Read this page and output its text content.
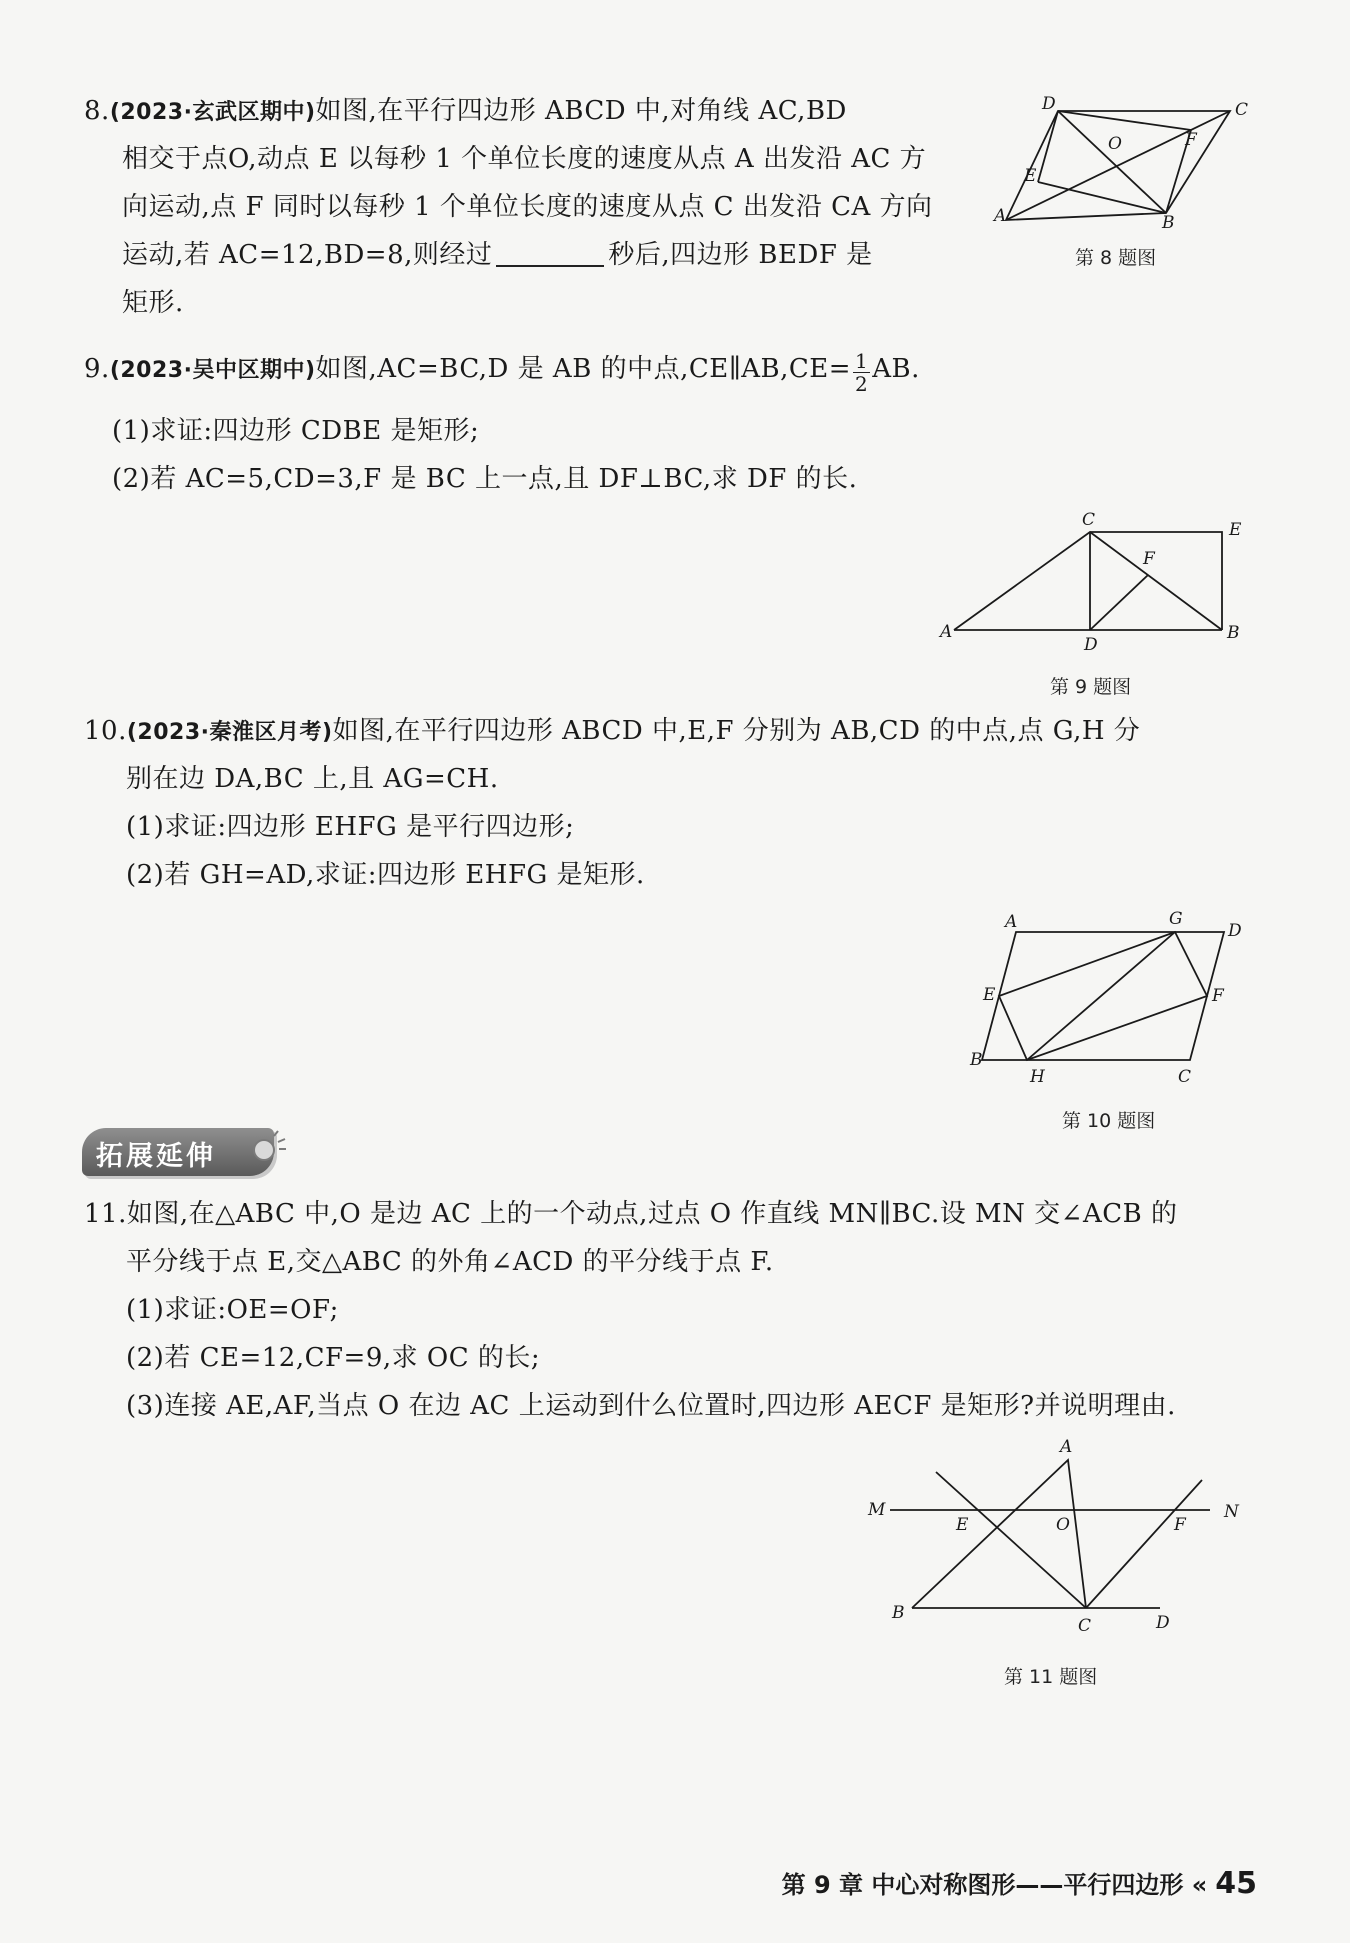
8.(2023·玄武区期中)如图,在平行四边形 ABCD 中,对角线 AC,BD
相交于点O,动点 E 以每秒 1 个单位长度的速度从点 A 出发沿 AC 方
向运动,点 F 同时以每秒 1 个单位长度的速度从点 C 出发沿 CA 方向
运动,若 AC=12,BD=8,则经过	秒后,四边形 BEDF 是
矩形.
A	B
C
D
E
F
O
第 8 题图
9.(2023·吴中区期中)如图,AC=BC,D 是 AB 的中点,CE∥AB,CE= $\frac{1}{2}$ AB.
(1)求证:四边形 CDBE 是矩形;
(2)若 AC=5,CD=3,F 是 BC 上一点,且 DF⊥BC,求 DF 的长.
A	B
C
D
E
F
第 9 题图
10.(2023·秦淮区月考)如图,在平行四边形 ABCD 中,E,F 分别为 AB,CD 的中点,点 G,H 分
别在边 DA,BC 上,且 AG=CH.
(1)求证:四边形 EHFG 是平行四边形;
(2)若 GH=AD,求证:四边形 EHFG 是矩形.
A
B
C
D
E	F
G
H
第 10 题图
拓展延伸
11.如图,在△ABC 中,O 是边 AC 上的一个动点,过点 O 作直线 MN∥BC.设 MN 交∠ACB 的
平分线于点 E,交△ABC 的外角∠ACD 的平分线于点 F.
(1)求证:OE=OF;
(2)若 CE=12,CF=9,求 OC 的长;
(3)连接 AE,AF,当点 O 在边 AC 上运动到什么位置时,四边形 AECF 是矩形?并说明理由.
M	N
A
B
C	D
E	F
O
第 11 题图
第 9 章 中心对称图形——平行四边形 « 45
